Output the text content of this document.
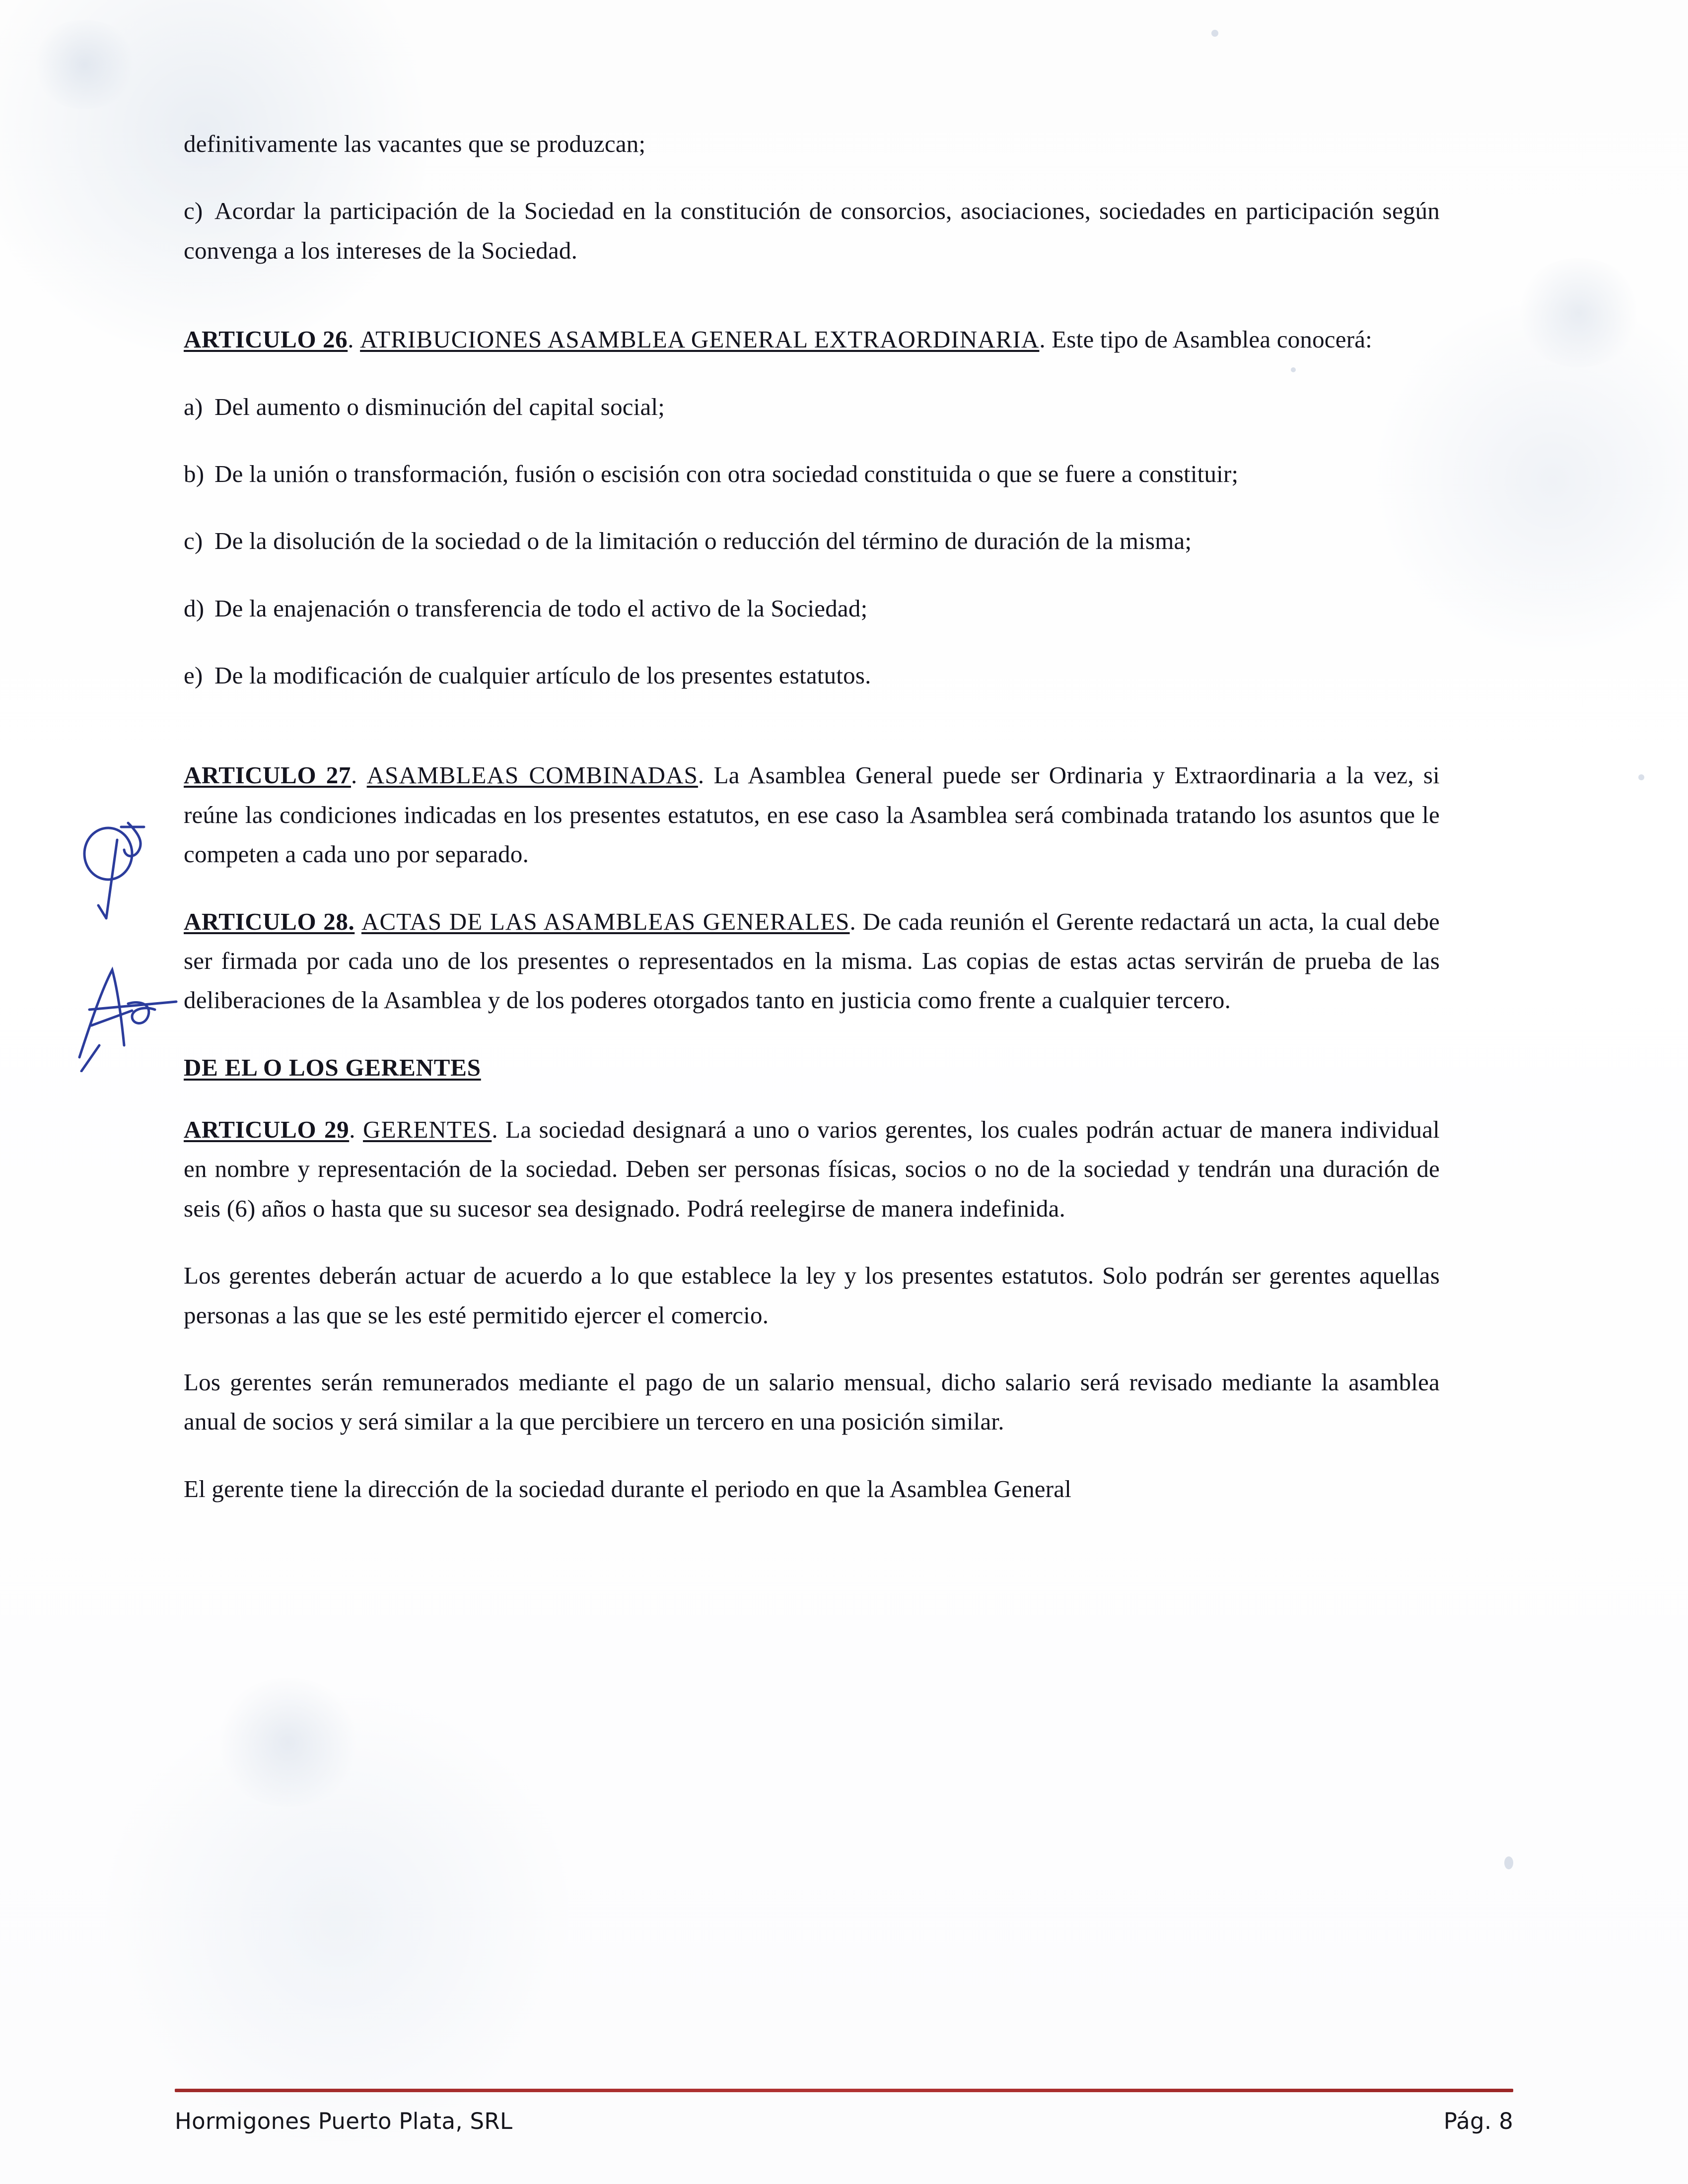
definitivamente las vacantes que se produzcan;

c) Acordar la participación de la Sociedad en la constitución de consorcios, asociaciones, sociedades en participación según convenga a los intereses de la Sociedad.

ARTICULO 26. ATRIBUCIONES ASAMBLEA GENERAL EXTRAORDINARIA. Este tipo de Asamblea conocerá:

a) Del aumento o disminución del capital social;

b) De la unión o transformación, fusión o escisión con otra sociedad constituida o que se fuere a constituir;

c) De la disolución de la sociedad o de la limitación o reducción del término de duración de la misma;

d) De la enajenación o transferencia de todo el activo de la Sociedad;

e) De la modificación de cualquier artículo de los presentes estatutos.

ARTICULO 27. ASAMBLEAS COMBINADAS. La Asamblea General puede ser Ordinaria y Extraordinaria a la vez, si reúne las condiciones indicadas en los presentes estatutos, en ese caso la Asamblea será combinada tratando los asuntos que le competen a cada uno por separado.

ARTICULO 28. ACTAS DE LAS ASAMBLEAS GENERALES. De cada reunión el Gerente redactará un acta, la cual debe ser firmada por cada uno de los presentes o representados en la misma. Las copias de estas actas servirán de prueba de las deliberaciones de la Asamblea y de los poderes otorgados tanto en justicia como frente a cualquier tercero.

DE EL O LOS GERENTES

ARTICULO 29. GERENTES. La sociedad designará a uno o varios gerentes, los cuales podrán actuar de manera individual en nombre y representación de la sociedad. Deben ser personas físicas, socios o no de la sociedad y tendrán una duración de seis (6) años o hasta que su sucesor sea designado. Podrá reelegirse de manera indefinida.

Los gerentes deberán actuar de acuerdo a lo que establece la ley y los presentes estatutos. Solo podrán ser gerentes aquellas personas a las que se les esté permitido ejercer el comercio.

Los gerentes serán remunerados mediante el pago de un salario mensual, dicho salario será revisado mediante la asamblea anual de socios y será similar a la que percibiere un tercero en una posición similar.

El gerente tiene la dirección de la sociedad durante el periodo en que la Asamblea General

Hormigones Puerto Plata, SRL	Pág. 8
